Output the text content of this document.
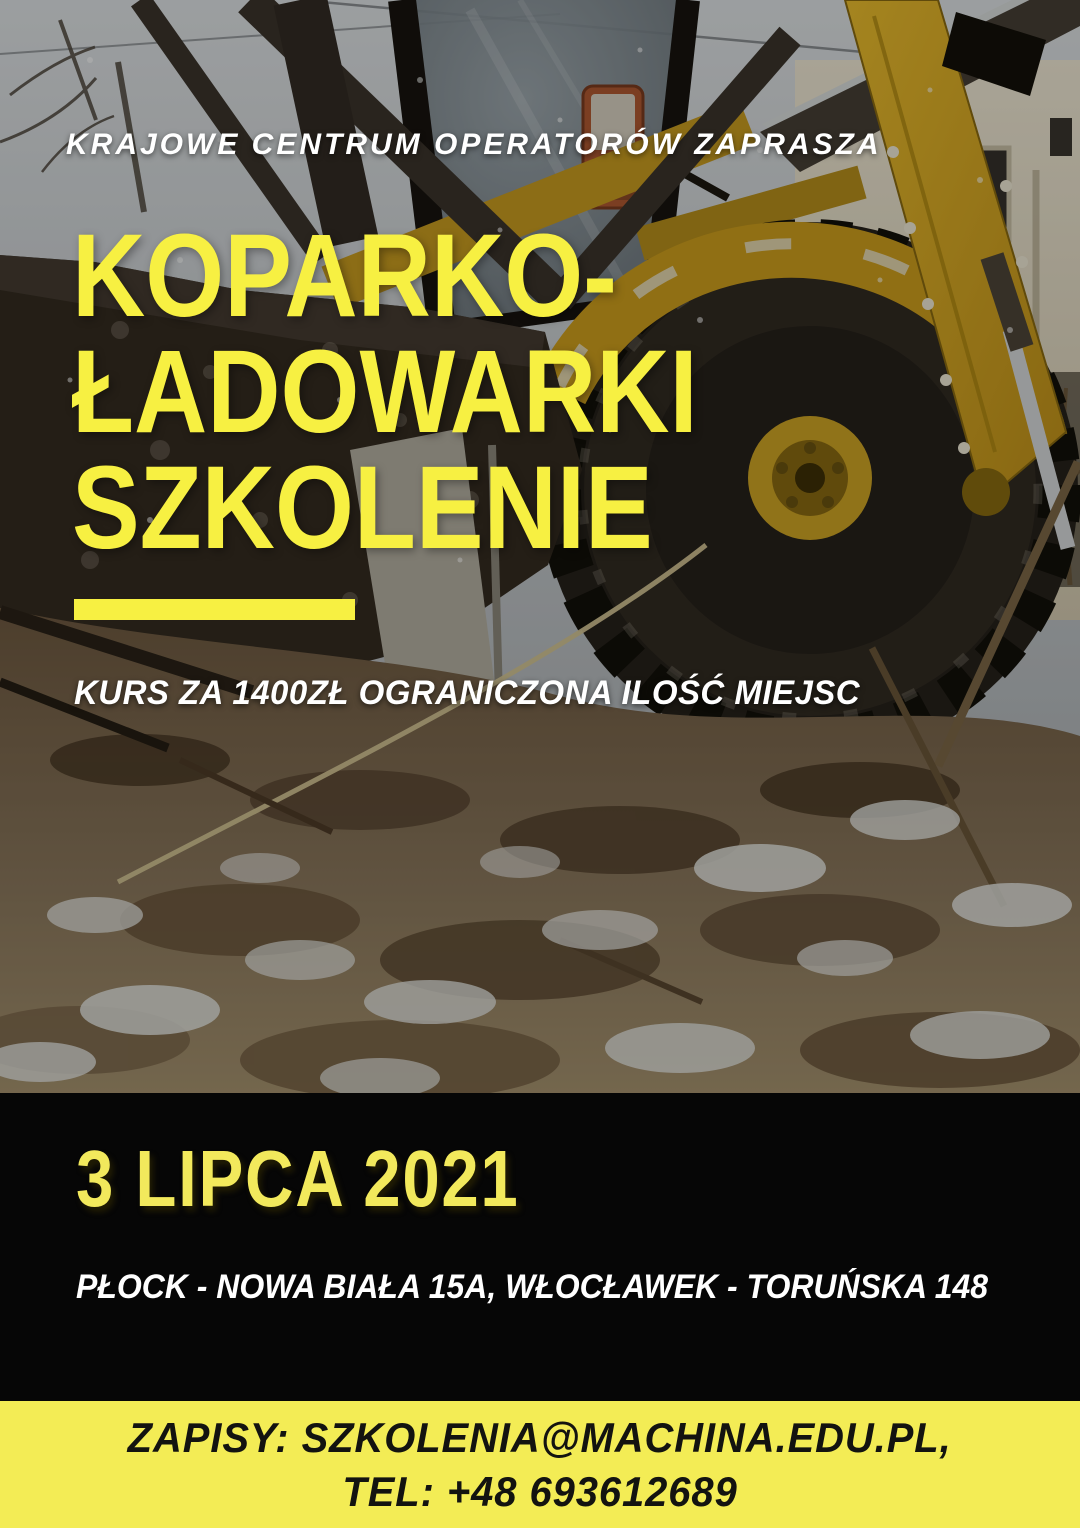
KRAJOWE CENTRUM OPERATORÓW ZAPRASZA
KOPARKO-
ŁADOWARKI
SZKOLENIE
KURS ZA 1400ZŁ OGRANICZONA ILOŚĆ MIEJSC
3 LIPCA 2021
PŁOCK - NOWA BIAŁA 15A, WŁOCŁAWEK - TORUŃSKA 148
ZAPISY: SZKOLENIA@MACHINA.EDU.PL,
TEL: +48 693612689
